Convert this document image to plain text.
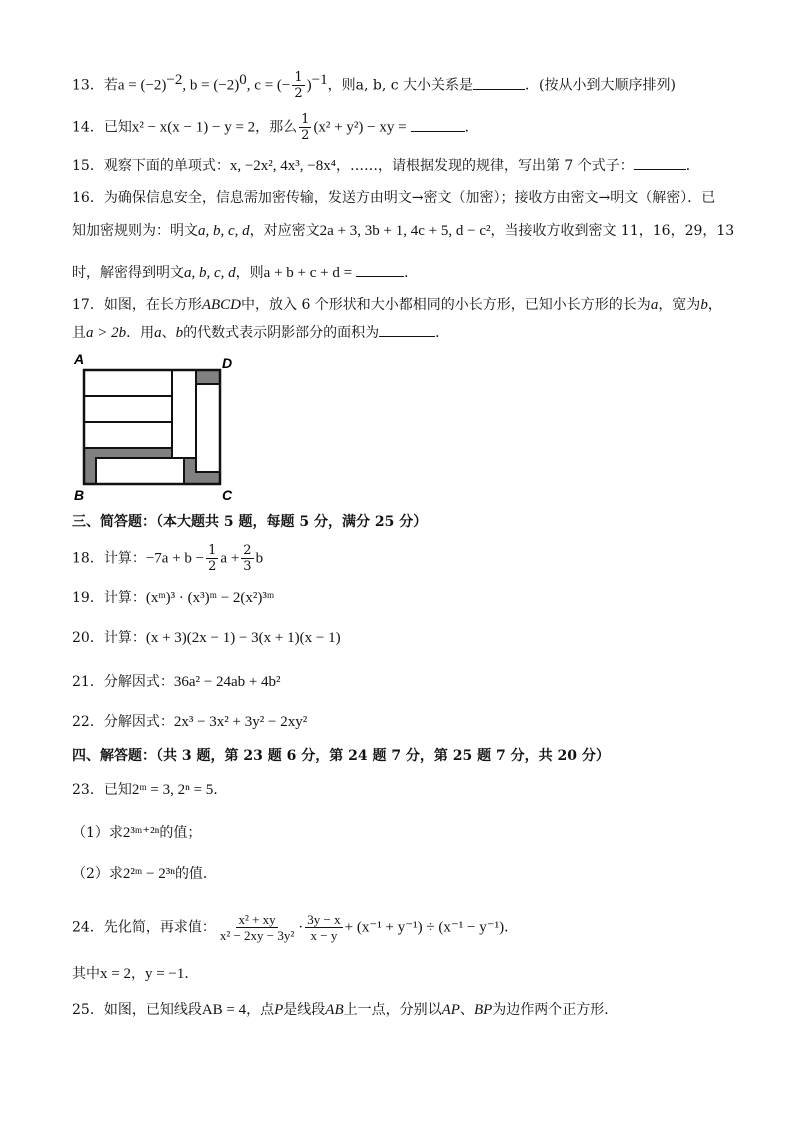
13．若$a = (-2)^{-2}$, $b = (-2)^0$, c = (− $\frac{1}{2} )^{-1}$，则a, b, c 大小关系是	．(按从小到大顺序排列)
14．已知x² − x(x − 1) − y = 2，那么 $\frac{1}{2} (x^2 + y^2)$ − xy =	．
15．观察下面的单项式：x, −2x², 4x³, −8x⁴，……，请根据发现的规律，写出第 7 个式子：	．
16．为确保信息安全，信息需加密传输，发送方由明文→密文（加密）；接收方由密文→明文（解密）．已
知加密规则为：明文a, b, c, d，对应密文2a + 3, 3b + 1, 4c + 5, d − c²，当接收方收到密文 11，16，29，13
时，解密得到明文a, b, c, d，则a + b + c + d =	．
17．如图，在长方形ABCD中，放入 6 个形状和大小都相同的小长方形，已知小长方形的长为a，宽为b，
且a > 2b．用a、b的代数式表示阴影部分的面积为	．
A	D
B	C
三、简答题：（本大题共 5 题，每题 5 分，满分 25 分）
18．计算：$-7a + b - \frac{1}{2}$ $a + \frac{2}{3}$ b
19．计算：(xᵐ)³ · (x³)ᵐ − 2(x²)³ᵐ
20．计算：(x + 3)(2x − 1) − 3(x + 1)(x − 1)
21．分解因式：36a² − 24ab + 4b²
22．分解因式：2x³ − 3x² + 3y² − 2xy²
四、解答题：（共 3 题，第 23 题 6 分，第 24 题 7 分，第 25 题 7 分，共 20 分）
23．已知2ᵐ = 3, 2ⁿ = 5．
（1）求2³ᵐ⁺²ⁿ的值；
（2）求2²ᵐ − 2³ⁿ的值．
24．先化简，再求值： $\frac{\text{x² + xy}}{\text{x² − 2xy − 3y²}} \cdot \frac{3y - x}{x - y} + (x^{-1} + y^{-1}) \div (x^{-1} - y^{-1})$．
其中x = 2，y = −1．
25．如图，已知线段AB = 4，点P是线段AB上一点，分别以AP、BP为边作两个正方形．
